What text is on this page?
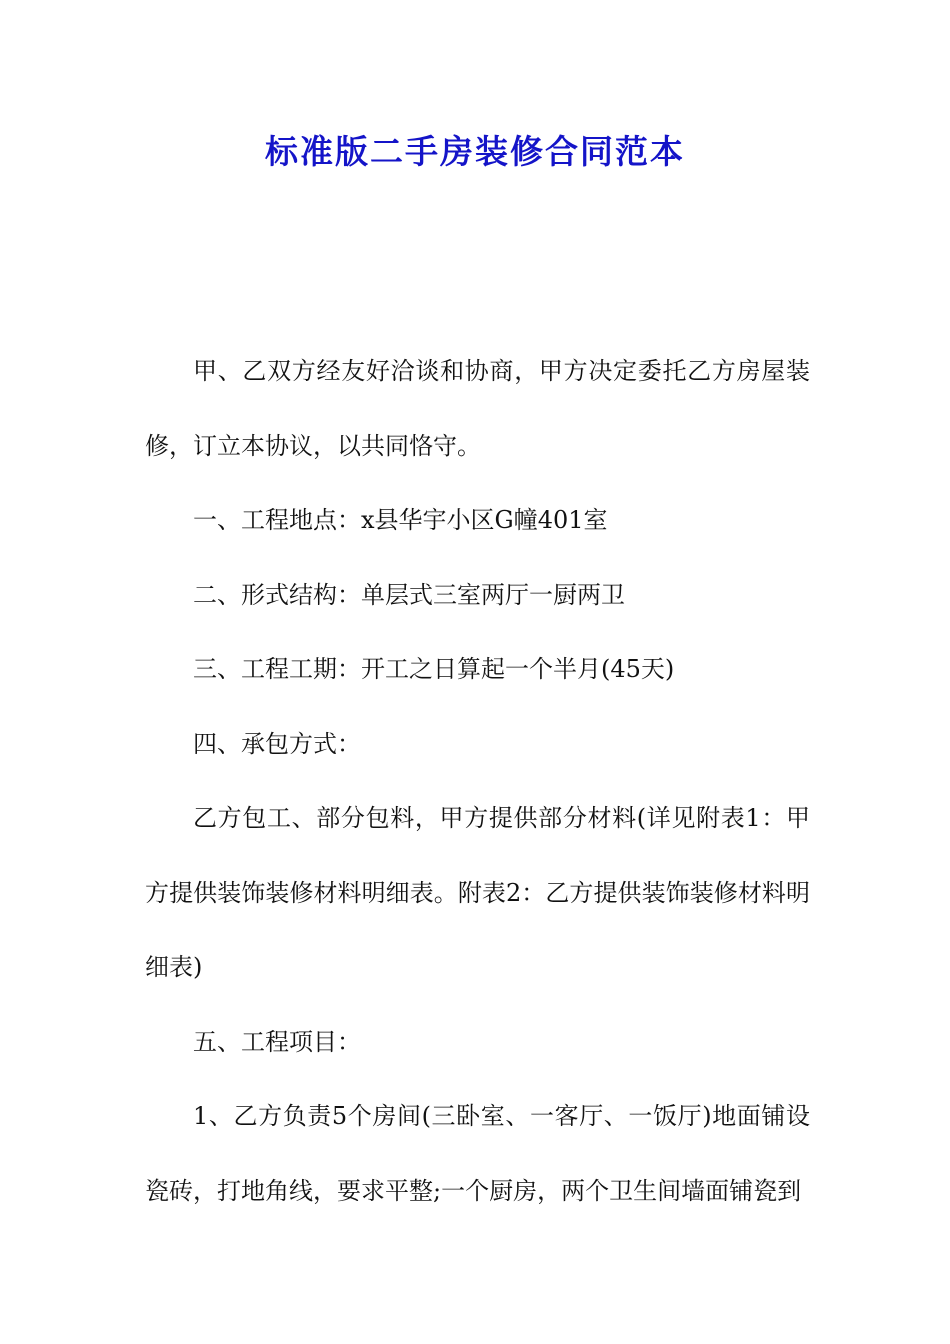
标准版二手房装修合同范本

甲、乙双方经友好洽谈和协商，甲方决定委托乙方房屋装修，订立本协议，以共同恪守。

一、工程地点：x县华宇小区G幢401室

二、形式结构：单层式三室两厅一厨两卫

三、工程工期：开工之日算起一个半月(45天)

四、承包方式：

乙方包工、部分包料，甲方提供部分材料(详见附表1：甲方提供装饰装修材料明细表。附表2：乙方提供装饰装修材料明细表)

五、工程项目：

1、乙方负责5个房间(三卧室、一客厅、一饭厅)地面铺设瓷砖，打地角线，要求平整;一个厨房，两个卫生间墙面铺瓷到
